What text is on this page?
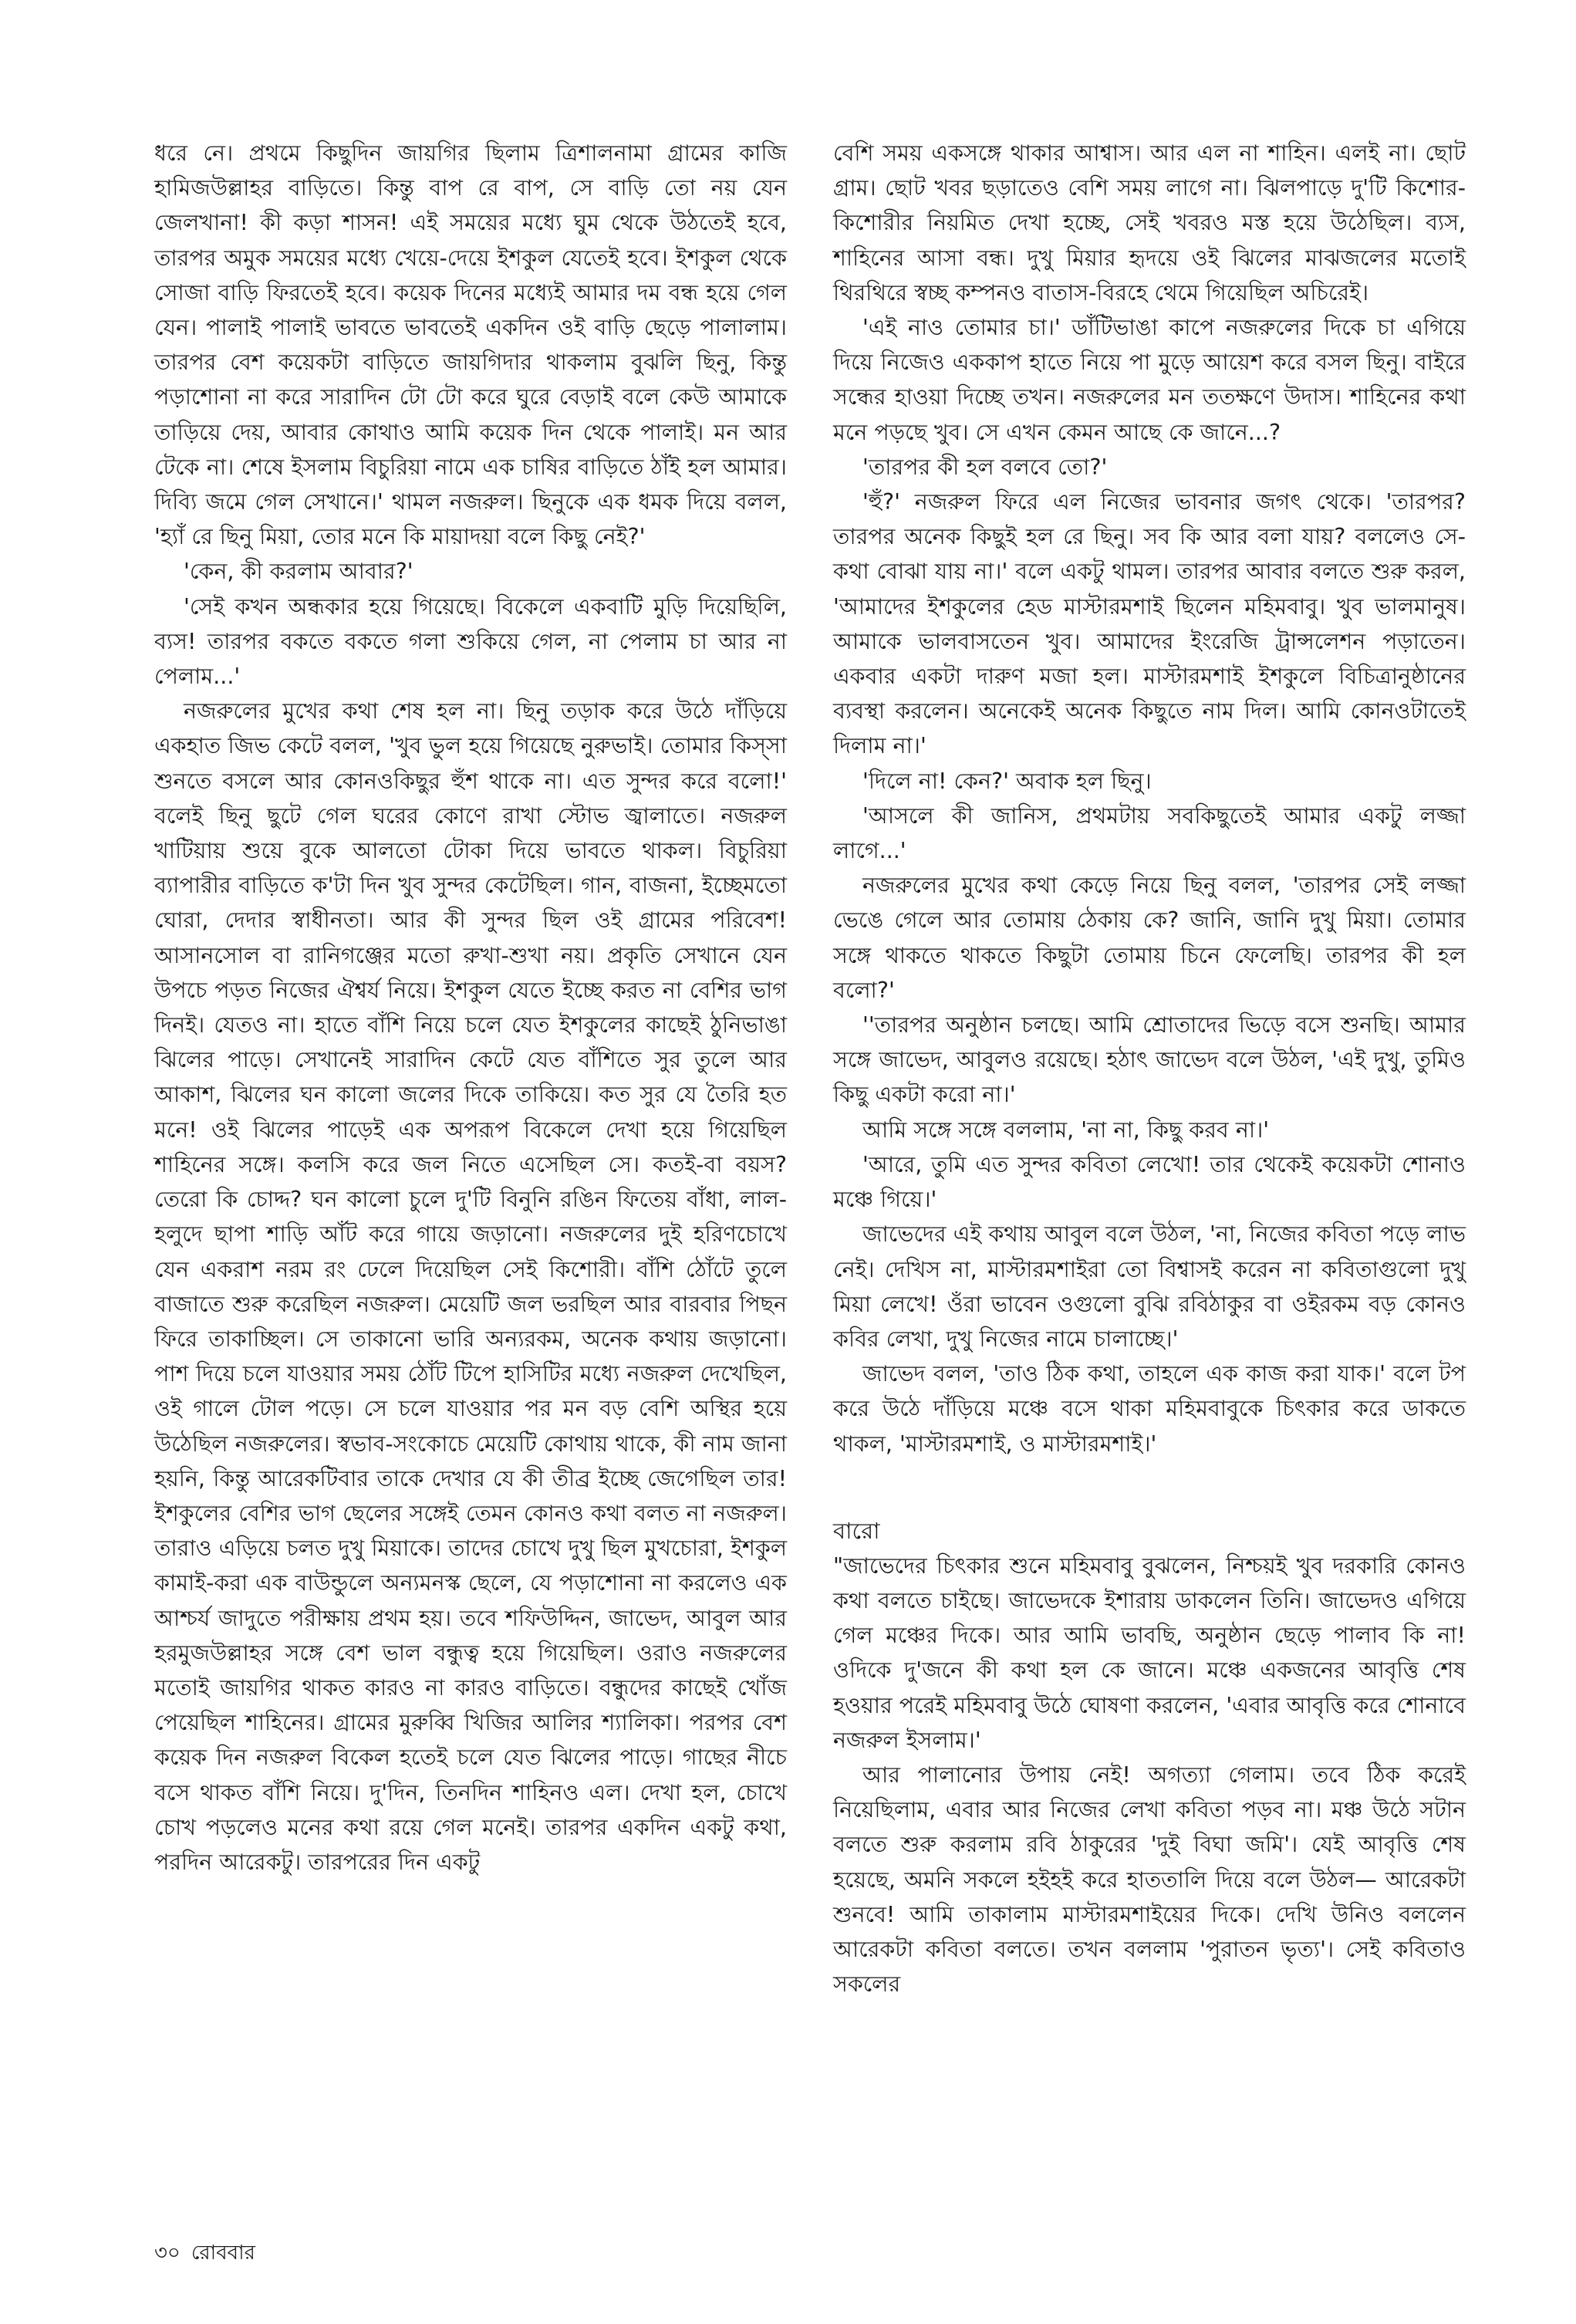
ধরে নে। প্রথমে কিছুদিন জায়গির ছিলাম ত্রিশালনামা গ্রামের কাজি হামিজউল্লাহর বাড়িতে। কিন্তু বাপ রে বাপ, সে বাড়ি তো নয় যেন জেলখানা! কী কড়া শাসন! এই সময়ের মধ্যে ঘুম থেকে উঠতেই হবে, তারপর অমুক সময়ের মধ্যে খেয়ে-দেয়ে ইশকুল যেতেই হবে। ইশকুল থেকে সোজা বাড়ি ফিরতেই হবে। কয়েক দিনের মধ্যেই আমার দম বন্ধ হয়ে গেল যেন। পালাই পালাই ভাবতে ভাবতেই একদিন ওই বাড়ি ছেড়ে পালালাম। তারপর বেশ কয়েকটা বাড়িতে জায়গিদার থাকলাম বুঝলি ছিনু, কিন্তু পড়াশোনা না করে সারাদিন টো টো করে ঘুরে বেড়াই বলে কেউ আমাকে তাড়িয়ে দেয়, আবার কোথাও আমি কয়েক দিন থেকে পালাই। মন আর টেকে না। শেষে ইসলাম বিচুরিয়া নামে এক চাষির বাড়িতে ঠাঁই হল আমার। দিব্যি জমে গেল সেখানে।' থামল নজরুল। ছিনুকে এক ধমক দিয়ে বলল, 'হ্যাঁ রে ছিনু মিয়া, তোর মনে কি মায়াদয়া বলে কিছু নেই?'

'কেন, কী করলাম আবার?'

'সেই কখন অন্ধকার হয়ে গিয়েছে। বিকেলে একবাটি মুড়ি দিয়েছিলি, ব্যস! তারপর বকতে বকতে গলা শুকিয়ে গেল, না পেলাম চা আর না পেলাম...'

নজরুলের মুখের কথা শেষ হল না। ছিনু তড়াক করে উঠে দাঁড়িয়ে একহাত জিভ কেটে বলল, 'খুব ভুল হয়ে গিয়েছে নুরুভাই। তোমার কিস্‌সা শুনতে বসলে আর কোনওকিছুর হুঁশ থাকে না। এত সুন্দর করে বলো!' বলেই ছিনু ছুটে গেল ঘরের কোণে রাখা স্টোভ জ্বালাতে। নজরুল খাটিয়ায় শুয়ে বুকে আলতো টোকা দিয়ে ভাবতে থাকল। বিচুরিয়া ব্যাপারীর বাড়িতে ক'টা দিন খুব সুন্দর কেটেছিল। গান, বাজনা, ইচ্ছেমতো ঘোরা, দেদার স্বাধীনতা। আর কী সুন্দর ছিল ওই গ্রামের পরিবেশ! আসানসোল বা রানিগঞ্জের মতো রুখা-শুখা নয়। প্রকৃতি সেখানে যেন উপচে পড়ত নিজের ঐশ্বর্য নিয়ে। ইশকুল যেতে ইচ্ছে করত না বেশির ভাগ দিনই। যেতও না। হাতে বাঁশি নিয়ে চলে যেত ইশকুলের কাছেই ঠুনিভাঙা ঝিলের পাড়ে। সেখানেই সারাদিন কেটে যেত বাঁশিতে সুর তুলে আর আকাশ, ঝিলের ঘন কালো জলের দিকে তাকিয়ে। কত সুর যে তৈরি হত মনে! ওই ঝিলের পাড়েই এক অপরূপ বিকেলে দেখা হয়ে গিয়েছিল শাহিনের সঙ্গে। কলসি করে জল নিতে এসেছিল সে। কতই-বা বয়স? তেরো কি চোদ্দ? ঘন কালো চুলে দু'টি বিনুনি রঙিন ফিতেয় বাঁধা, লাল-হলুদে ছাপা শাড়ি আঁট করে গায়ে জড়ানো। নজরুলের দুই হরিণচোখে যেন একরাশ নরম রং ঢেলে দিয়েছিল সেই কিশোরী। বাঁশি ঠোঁটে তুলে বাজাতে শুরু করেছিল নজরুল। মেয়েটি জল ভরছিল আর বারবার পিছন ফিরে তাকাচ্ছিল। সে তাকানো ভারি অন্যরকম, অনেক কথায় জড়ানো। পাশ দিয়ে চলে যাওয়ার সময় ঠোঁট টিপে হাসিটির মধ্যে নজরুল দেখেছিল, ওই গালে টোল পড়ে। সে চলে যাওয়ার পর মন বড় বেশি অস্থির হয়ে উঠেছিল নজরুলের। স্বভাব-সংকোচে মেয়েটি কোথায় থাকে, কী নাম জানা হয়নি, কিন্তু আরেকটিবার তাকে দেখার যে কী তীব্র ইচ্ছে জেগেছিল তার! ইশকুলের বেশির ভাগ ছেলের সঙ্গেই তেমন কোনও কথা বলত না নজরুল। তারাও এড়িয়ে চলত দুখু মিয়াকে। তাদের চোখে দুখু ছিল মুখচোরা, ইশকুল কামাই-করা এক বাউন্ডুলে অন্যমনস্ক ছেলে, যে পড়াশোনা না করলেও এক আশ্চর্য জাদুতে পরীক্ষায় প্রথম হয়। তবে শফিউদ্দিন, জাভেদ, আবুল আর হরমুজউল্লাহর সঙ্গে বেশ ভাল বন্ধুত্ব হয়ে গিয়েছিল। ওরাও নজরুলের মতোই জায়গির থাকত কারও না কারও বাড়িতে। বন্ধুদের কাছেই খোঁজ পেয়েছিল শাহিনের। গ্রামের মুরুব্বি খিজির আলির শ্যালিকা। পরপর বেশ কয়েক দিন নজরুল বিকেল হতেই চলে যেত ঝিলের পাড়ে। গাছের নীচে বসে থাকত বাঁশি নিয়ে। দু'দিন, তিনদিন শাহিনও এল। দেখা হল, চোখে চোখ পড়লেও মনের কথা রয়ে গেল মনেই। তারপর একদিন একটু কথা, পরদিন আরেকটু। তারপরের দিন একটু

বেশি সময় একসঙ্গে থাকার আশ্বাস। আর এল না শাহিন। এলই না। ছোট গ্রাম। ছোট খবর ছড়াতেও বেশি সময় লাগে না। ঝিলপাড়ে দু'টি কিশোর-কিশোরীর নিয়মিত দেখা হচ্ছে, সেই খবরও মস্ত হয়ে উঠেছিল। ব্যস, শাহিনের আসা বন্ধ। দুখু মিয়ার হৃদয়ে ওই ঝিলের মাঝজলের মতোই থিরথিরে স্বচ্ছ কম্পনও বাতাস-বিরহে থেমে গিয়েছিল অচিরেই।

'এই নাও তোমার চা।' ডাঁটিভাঙা কাপে নজরুলের দিকে চা এগিয়ে দিয়ে নিজেও এককাপ হাতে নিয়ে পা মুড়ে আয়েশ করে বসল ছিনু। বাইরে সন্ধের হাওয়া দিচ্ছে তখন। নজরুলের মন ততক্ষণে উদাস। শাহিনের কথা মনে পড়ছে খুব। সে এখন কেমন আছে কে জানে...?

'তারপর কী হল বলবে তো?'

'হুঁ?' নজরুল ফিরে এল নিজের ভাবনার জগৎ থেকে। 'তারপর? তারপর অনেক কিছুই হল রে ছিনু। সব কি আর বলা যায়? বললেও সে-কথা বোঝা যায় না।' বলে একটু থামল। তারপর আবার বলতে শুরু করল, 'আমাদের ইশকুলের হেড মাস্টারমশাই ছিলেন মহিমবাবু। খুব ভালমানুষ। আমাকে ভালবাসতেন খুব। আমাদের ইংরেজি ট্রান্সলেশন পড়াতেন। একবার একটা দারুণ মজা হল। মাস্টারমশাই ইশকুলে বিচিত্রানুষ্ঠানের ব্যবস্থা করলেন। অনেকেই অনেক কিছুতে নাম দিল। আমি কোনওটাতেই দিলাম না।'

'দিলে না! কেন?' অবাক হল ছিনু।

'আসলে কী জানিস, প্রথমটায় সবকিছুতেই আমার একটু লজ্জা লাগে...'

নজরুলের মুখের কথা কেড়ে নিয়ে ছিনু বলল, 'তারপর সেই লজ্জা ভেঙে গেলে আর তোমায় ঠেকায় কে? জানি, জানি দুখু মিয়া। তোমার সঙ্গে থাকতে থাকতে কিছুটা তোমায় চিনে ফেলেছি। তারপর কী হল বলো?'

''তারপর অনুষ্ঠান চলছে। আমি শ্রোতাদের ভিড়ে বসে শুনছি। আমার সঙ্গে জাভেদ, আবুলও রয়েছে। হঠাৎ জাভেদ বলে উঠল, 'এই দুখু, তুমিও কিছু একটা করো না।'

আমি সঙ্গে সঙ্গে বললাম, 'না না, কিছু করব না।'

'আরে, তুমি এত সুন্দর কবিতা লেখো! তার থেকেই কয়েকটা শোনাও মঞ্চে গিয়ে।'

জাভেদের এই কথায় আবুল বলে উঠল, 'না, নিজের কবিতা পড়ে লাভ নেই। দেখিস না, মাস্টারমশাইরা তো বিশ্বাসই করেন না কবিতাগুলো দুখু মিয়া লেখে! ওঁরা ভাবেন ওগুলো বুঝি রবিঠাকুর বা ওইরকম বড় কোনও কবির লেখা, দুখু নিজের নামে চালাচ্ছে।'

জাভেদ বলল, 'তাও ঠিক কথা, তাহলে এক কাজ করা যাক।' বলে টপ করে উঠে দাঁড়িয়ে মঞ্চে বসে থাকা মহিমবাবুকে চিৎকার করে ডাকতে থাকল, 'মাস্টারমশাই, ও মাস্টারমশাই।'

বারো

"জাভেদের চিৎকার শুনে মহিমবাবু বুঝলেন, নিশ্চয়ই খুব দরকারি কোনও কথা বলতে চাইছে। জাভেদকে ইশারায় ডাকলেন তিনি। জাভেদও এগিয়ে গেল মঞ্চের দিকে। আর আমি ভাবছি, অনুষ্ঠান ছেড়ে পালাব কি না! ওদিকে দু'জনে কী কথা হল কে জানে। মঞ্চে একজনের আবৃত্তি শেষ হওয়ার পরেই মহিমবাবু উঠে ঘোষণা করলেন, 'এবার আবৃত্তি করে শোনাবে নজরুল ইসলাম।'

আর পালানোর উপায় নেই! অগত্যা গেলাম। তবে ঠিক করেই নিয়েছিলাম, এবার আর নিজের লেখা কবিতা পড়ব না। মঞ্চ উঠে সটান বলতে শুরু করলাম রবি ঠাকুরের 'দুই বিঘা জমি'। যেই আবৃত্তি শেষ হয়েছে, অমনি সকলে হইহই করে হাততালি দিয়ে বলে উঠল— আরেকটা শুনবে! আমি তাকালাম মাস্টারমশাইয়ের দিকে। দেখি উনিও বললেন আরেকটা কবিতা বলতে। তখন বললাম 'পুরাতন ভৃত্য'। সেই কবিতাও সকলের

৩০ রোববার
